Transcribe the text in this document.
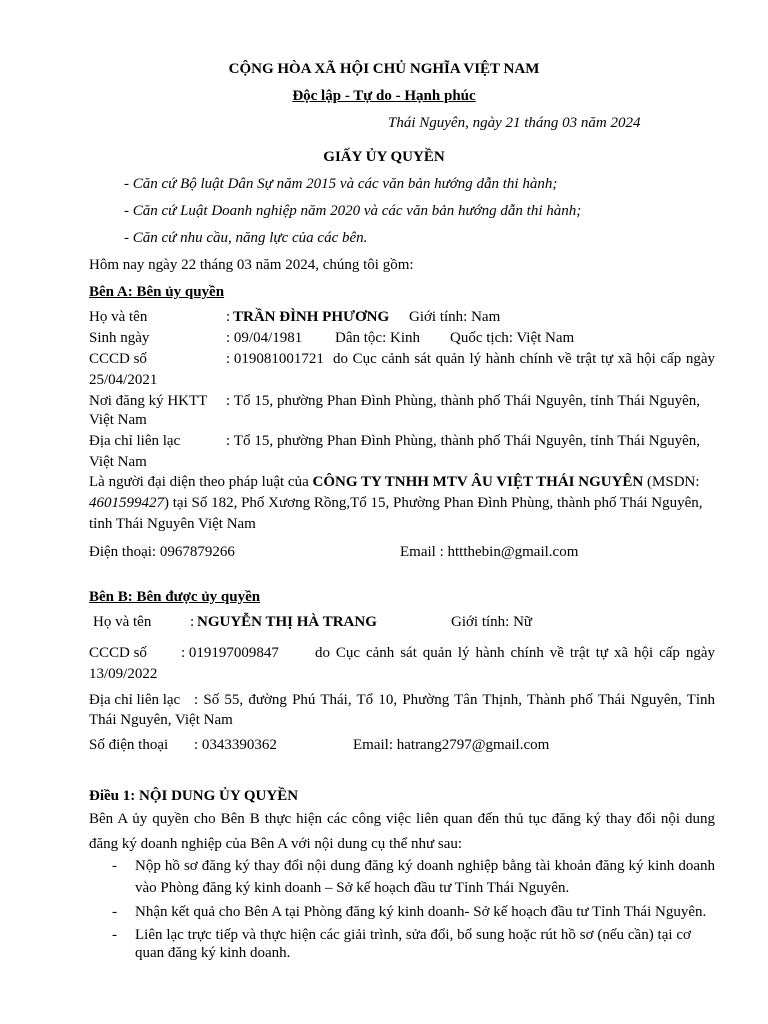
CỘNG HÒA XÃ HỘI CHỦ NGHĨA VIỆT NAM
Độc lập - Tự do - Hạnh phúc
Thái Nguyên, ngày 21 tháng 03 năm 2024
GIẤY ỦY QUYỀN
- Căn cứ Bộ luật Dân Sự năm 2015 và các văn bản hướng dẫn thi hành;
- Căn cứ Luật Doanh nghiệp năm 2020 và các văn bản hướng dẫn thi hành;
- Căn cứ nhu cầu, năng lực của các bên.
Hôm nay ngày 22 tháng 03 năm 2024, chúng tôi gồm:
Bên A: Bên ủy quyền
Họ và tên	: TRẦN ĐÌNH PHƯƠNG Giới tính: Nam
Sinh ngày	: 09/04/1981 Dân tộc: Kinh Quốc tịch: Việt Nam
CCCD số	: 019081001721 do Cục cảnh sát quản lý hành chính về trật tự xã hội cấp ngày
25/04/2021
Nơi đăng ký HKTT : Tổ 15, phường Phan Đình Phùng, thành phố Thái Nguyên, tỉnh Thái Nguyên,
Việt Nam
Địa chỉ liên lạc	: Tổ 15, phường Phan Đình Phùng, thành phố Thái Nguyên, tỉnh Thái Nguyên,
Việt Nam
Là người đại diện theo pháp luật của CÔNG TY TNHH MTV ÂU VIỆT THÁI NGUYÊN (MSDN:
4601599427) tại Số 182, Phố Xương Rồng,Tổ 15, Phường Phan Đình Phùng, thành phố Thái Nguyên,
tỉnh Thái Nguyên Việt Nam
Điện thoại: 0967879266	Email : httthebin@gmail.com
Bên B: Bên được ủy quyền
Họ và tên	: NGUYỄN THỊ HÀ TRANG	Giới tính: Nữ
CCCD số : 019197009847 do Cục cảnh sát quản lý hành chính về trật tự xã hội cấp ngày
13/09/2022
Địa chỉ liên lạc : Số 55, đường Phú Thái, Tổ 10, Phường Tân Thịnh, Thành phố Thái Nguyên, Tỉnh
Thái Nguyên, Việt Nam
Số điện thoại : 0343390362	Email: hatrang2797@gmail.com
Điều 1: NỘI DUNG ỦY QUYỀN
Bên A ủy quyền cho Bên B thực hiện các công việc liên quan đến thủ tục đăng ký thay đổi nội dung
đăng ký doanh nghiệp của Bên A với nội dung cụ thể như sau:
- Nộp hồ sơ đăng ký thay đổi nội dung đăng ký doanh nghiệp bằng tài khoản đăng ký kinh doanh
vào Phòng đăng ký kinh doanh – Sở kế hoạch đầu tư Tỉnh Thái Nguyên.
- Nhận kết quả cho Bên A tại Phòng đăng ký kinh doanh- Sở kế hoạch đầu tư Tỉnh Thái Nguyên.
- Liên lạc trực tiếp và thực hiện các giải trình, sửa đổi, bổ sung hoặc rút hồ sơ (nếu cần) tại cơ
quan đăng ký kinh doanh.
